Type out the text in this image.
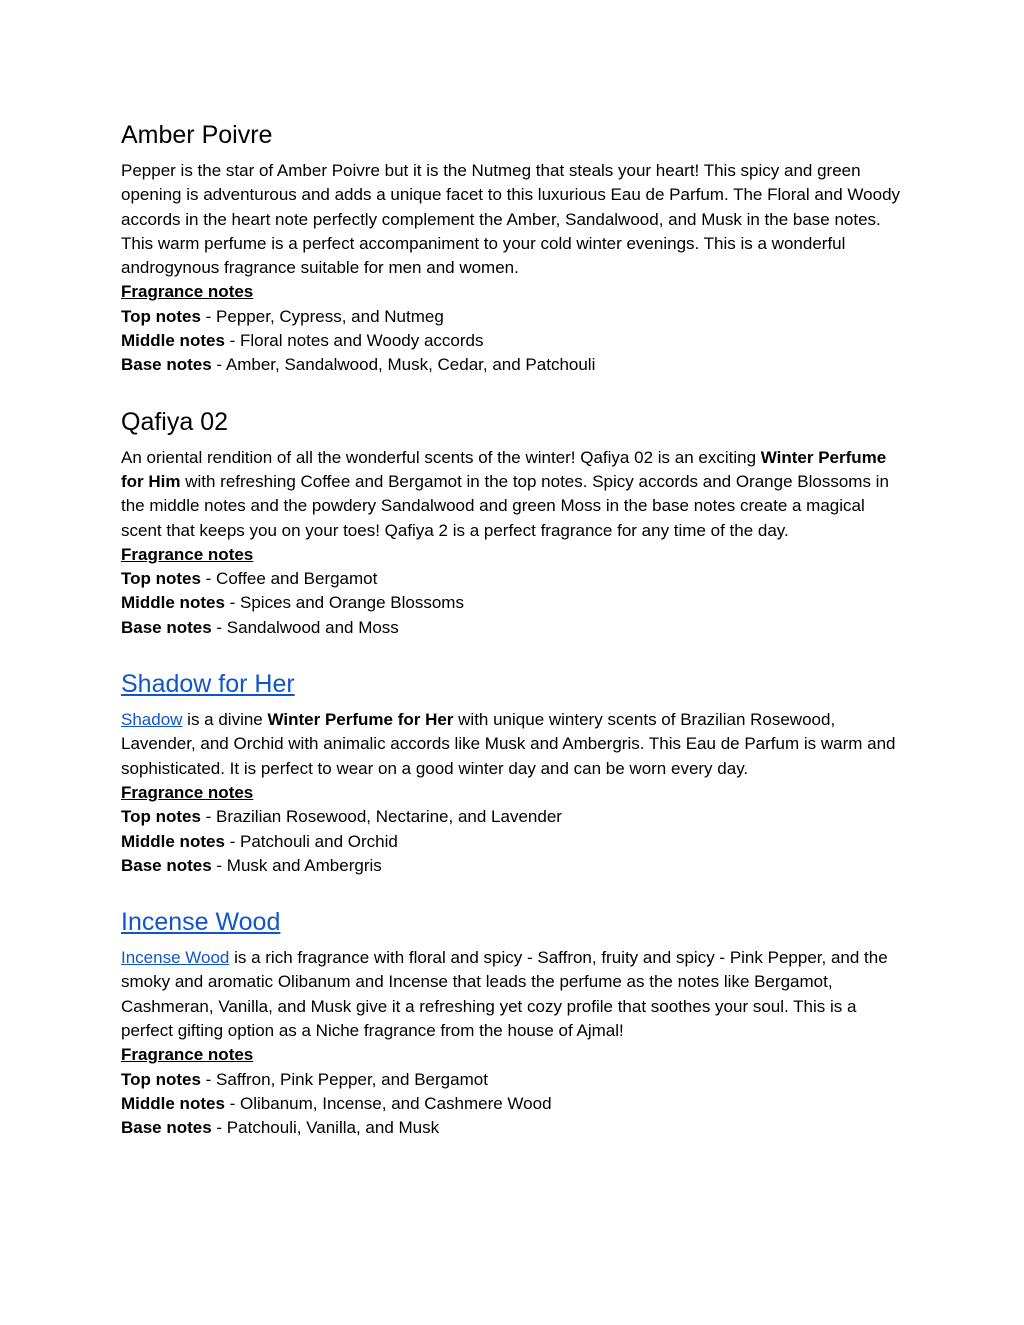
Amber Poivre

Pepper is the star of Amber Poivre but it is the Nutmeg that steals your heart! This spicy and green opening is adventurous and adds a unique facet to this luxurious Eau de Parfum. The Floral and Woody accords in the heart note perfectly complement the Amber, Sandalwood, and Musk in the base notes. This warm perfume is a perfect accompaniment to your cold winter evenings. This is a wonderful androgynous fragrance suitable for men and women.

Fragrance notes
Top notes - Pepper, Cypress, and Nutmeg
Middle notes - Floral notes and Woody accords
Base notes - Amber, Sandalwood, Musk, Cedar, and Patchouli
Qafiya 02

An oriental rendition of all the wonderful scents of the winter! Qafiya 02 is an exciting Winter Perfume for Him with refreshing Coffee and Bergamot in the top notes. Spicy accords and Orange Blossoms in the middle notes and the powdery Sandalwood and green Moss in the base notes create a magical scent that keeps you on your toes! Qafiya 2 is a perfect fragrance for any time of the day.

Fragrance notes
Top notes - Coffee and Bergamot
Middle notes - Spices and Orange Blossoms
Base notes - Sandalwood and Moss
Shadow for Her

Shadow is a divine Winter Perfume for Her with unique wintery scents of Brazilian Rosewood, Lavender, and Orchid with animalic accords like Musk and Ambergris. This Eau de Parfum is warm and sophisticated. It is perfect to wear on a good winter day and can be worn every day.

Fragrance notes
Top notes - Brazilian Rosewood, Nectarine, and Lavender
Middle notes - Patchouli and Orchid
Base notes - Musk and Ambergris
Incense Wood

Incense Wood is a rich fragrance with floral and spicy - Saffron, fruity and spicy - Pink Pepper, and the smoky and aromatic Olibanum and Incense that leads the perfume as the notes like Bergamot, Cashmeran, Vanilla, and Musk give it a refreshing yet cozy profile that soothes your soul. This is a perfect gifting option as a Niche fragrance from the house of Ajmal!

Fragrance notes
Top notes - Saffron, Pink Pepper, and Bergamot
Middle notes - Olibanum, Incense, and Cashmere Wood
Base notes - Patchouli, Vanilla, and Musk
